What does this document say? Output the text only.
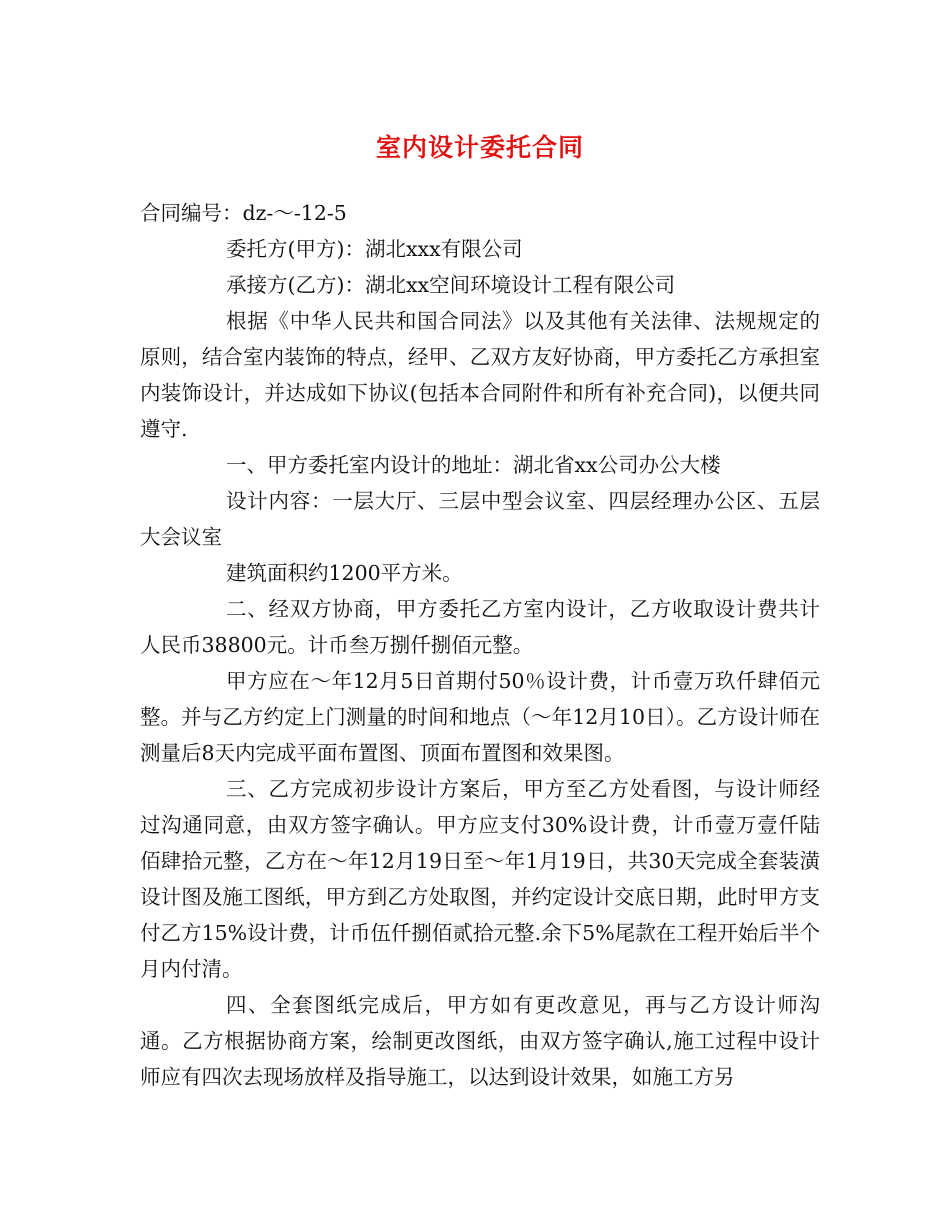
室内设计委托合同

合同编号：dz-～-12-5

委托方(甲方)：湖北xxx有限公司

承接方(乙方)：湖北xx空间环境设计工程有限公司

根据《中华人民共和国合同法》以及其他有关法律、法规规定的原则，结合室内装饰的特点，经甲、乙双方友好协商，甲方委托乙方承担室内装饰设计，并达成如下协议(包括本合同附件和所有补充合同)，以便共同遵守.

一、甲方委托室内设计的地址：湖北省xx公司办公大楼

设计内容：一层大厅、三层中型会议室、四层经理办公区、五层大会议室

建筑面积约1200平方米。

二、经双方协商，甲方委托乙方室内设计，乙方收取设计费共计人民币38800元。计币叁万捌仟捌佰元整。

甲方应在～年12月5日首期付50％设计费，计币壹万玖仟肆佰元整。并与乙方约定上门测量的时间和地点（～年12月10日）。乙方设计师在测量后8天内完成平面布置图、顶面布置图和效果图。

三、乙方完成初步设计方案后，甲方至乙方处看图，与设计师经过沟通同意，由双方签字确认。甲方应支付30%设计费，计币壹万壹仟陆佰肆拾元整，乙方在～年12月19日至～年1月19日，共30天完成全套装潢设计图及施工图纸，甲方到乙方处取图，并约定设计交底日期，此时甲方支付乙方15%设计费，计币伍仟捌佰贰拾元整.余下5%尾款在工程开始后半个月内付清。

四、全套图纸完成后，甲方如有更改意见，再与乙方设计师沟通。乙方根据协商方案，绘制更改图纸，由双方签字确认,施工过程中设计师应有四次去现场放样及指导施工，以达到设计效果，如施工方另
